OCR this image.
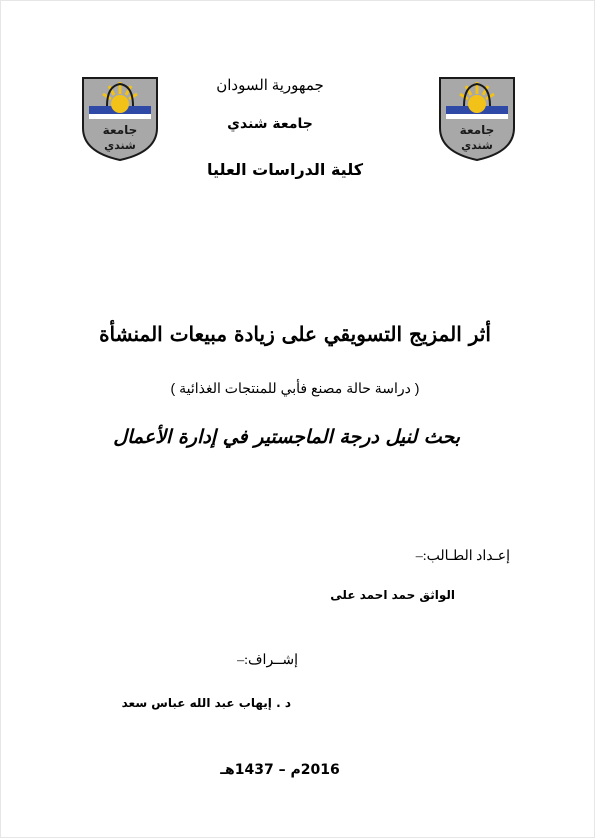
جامعة
شندي
جامعة
شندي
جمهورية السودان
جامعة شندي
كلية الدراسات العليا
أثر المزيج التسويقي على زيادة مبيعات المنشأة
( دراسة حالة مصنع فأبي للمنتجات الغذائية )
بحث لنيل درجة الماجستير في إدارة الأعمال
إعـداد الطـالب:–
الواثق حمد احمد على
إشــراف:–
د . إيهاب عبد الله عباس سعد
2016م – 1437هـ
